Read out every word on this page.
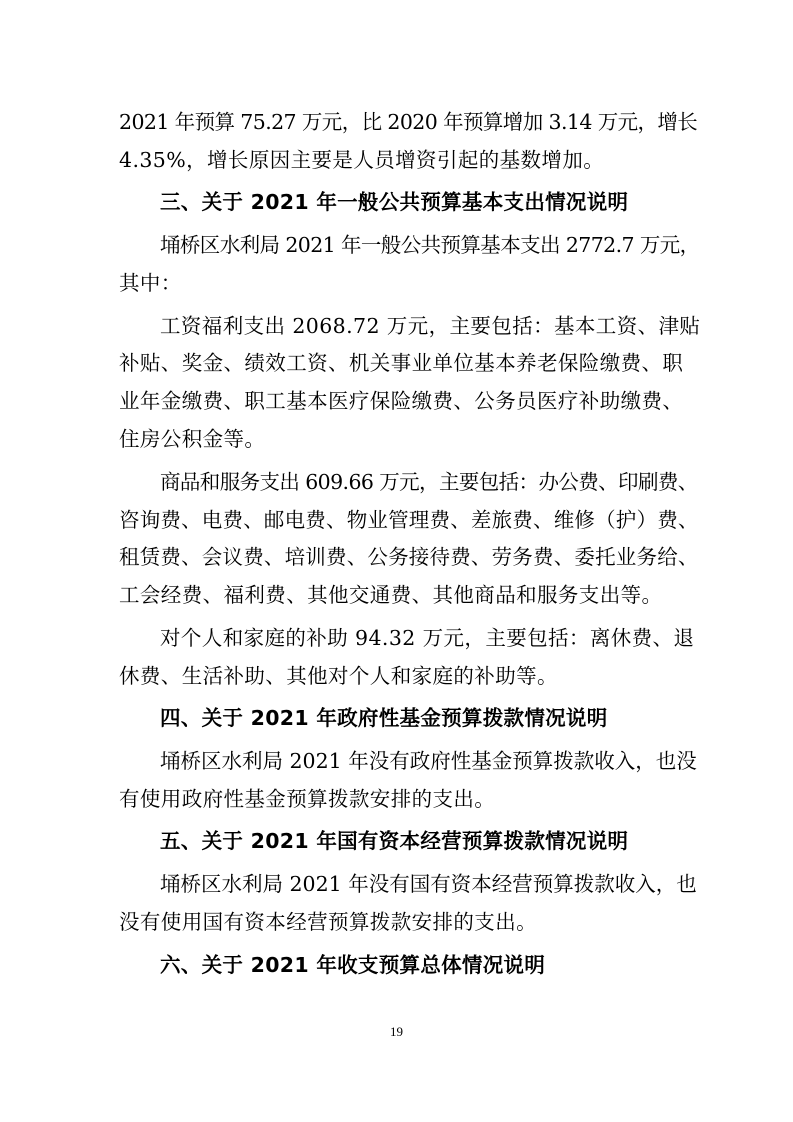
2021 年预算 75.27 万元，比 2020 年预算增加 3.14 万元，增长
4.35%，增长原因主要是人员增资引起的基数增加。
三、关于 2021 年一般公共预算基本支出情况说明
埇桥区水利局 2021 年一般公共预算基本支出 2772.7 万元，
其中：
工资福利支出 2068.72 万元，主要包括：基本工资、津贴
补贴、奖金、绩效工资、机关事业单位基本养老保险缴费、职
业年金缴费、职工基本医疗保险缴费、公务员医疗补助缴费、
住房公积金等。
商品和服务支出 609.66 万元，主要包括：办公费、印刷费、
咨询费、电费、邮电费、物业管理费、差旅费、维修（护）费、
租赁费、会议费、培训费、公务接待费、劳务费、委托业务给、
工会经费、福利费、其他交通费、其他商品和服务支出等。
对个人和家庭的补助 94.32 万元，主要包括：离休费、退
休费、生活补助、其他对个人和家庭的补助等。
四、关于 2021 年政府性基金预算拨款情况说明
埇桥区水利局 2021 年没有政府性基金预算拨款收入，也没
有使用政府性基金预算拨款安排的支出。
五、关于 2021 年国有资本经营预算拨款情况说明
埇桥区水利局 2021 年没有国有资本经营预算拨款收入，也
没有使用国有资本经营预算拨款安排的支出。
六、关于 2021 年收支预算总体情况说明
19
